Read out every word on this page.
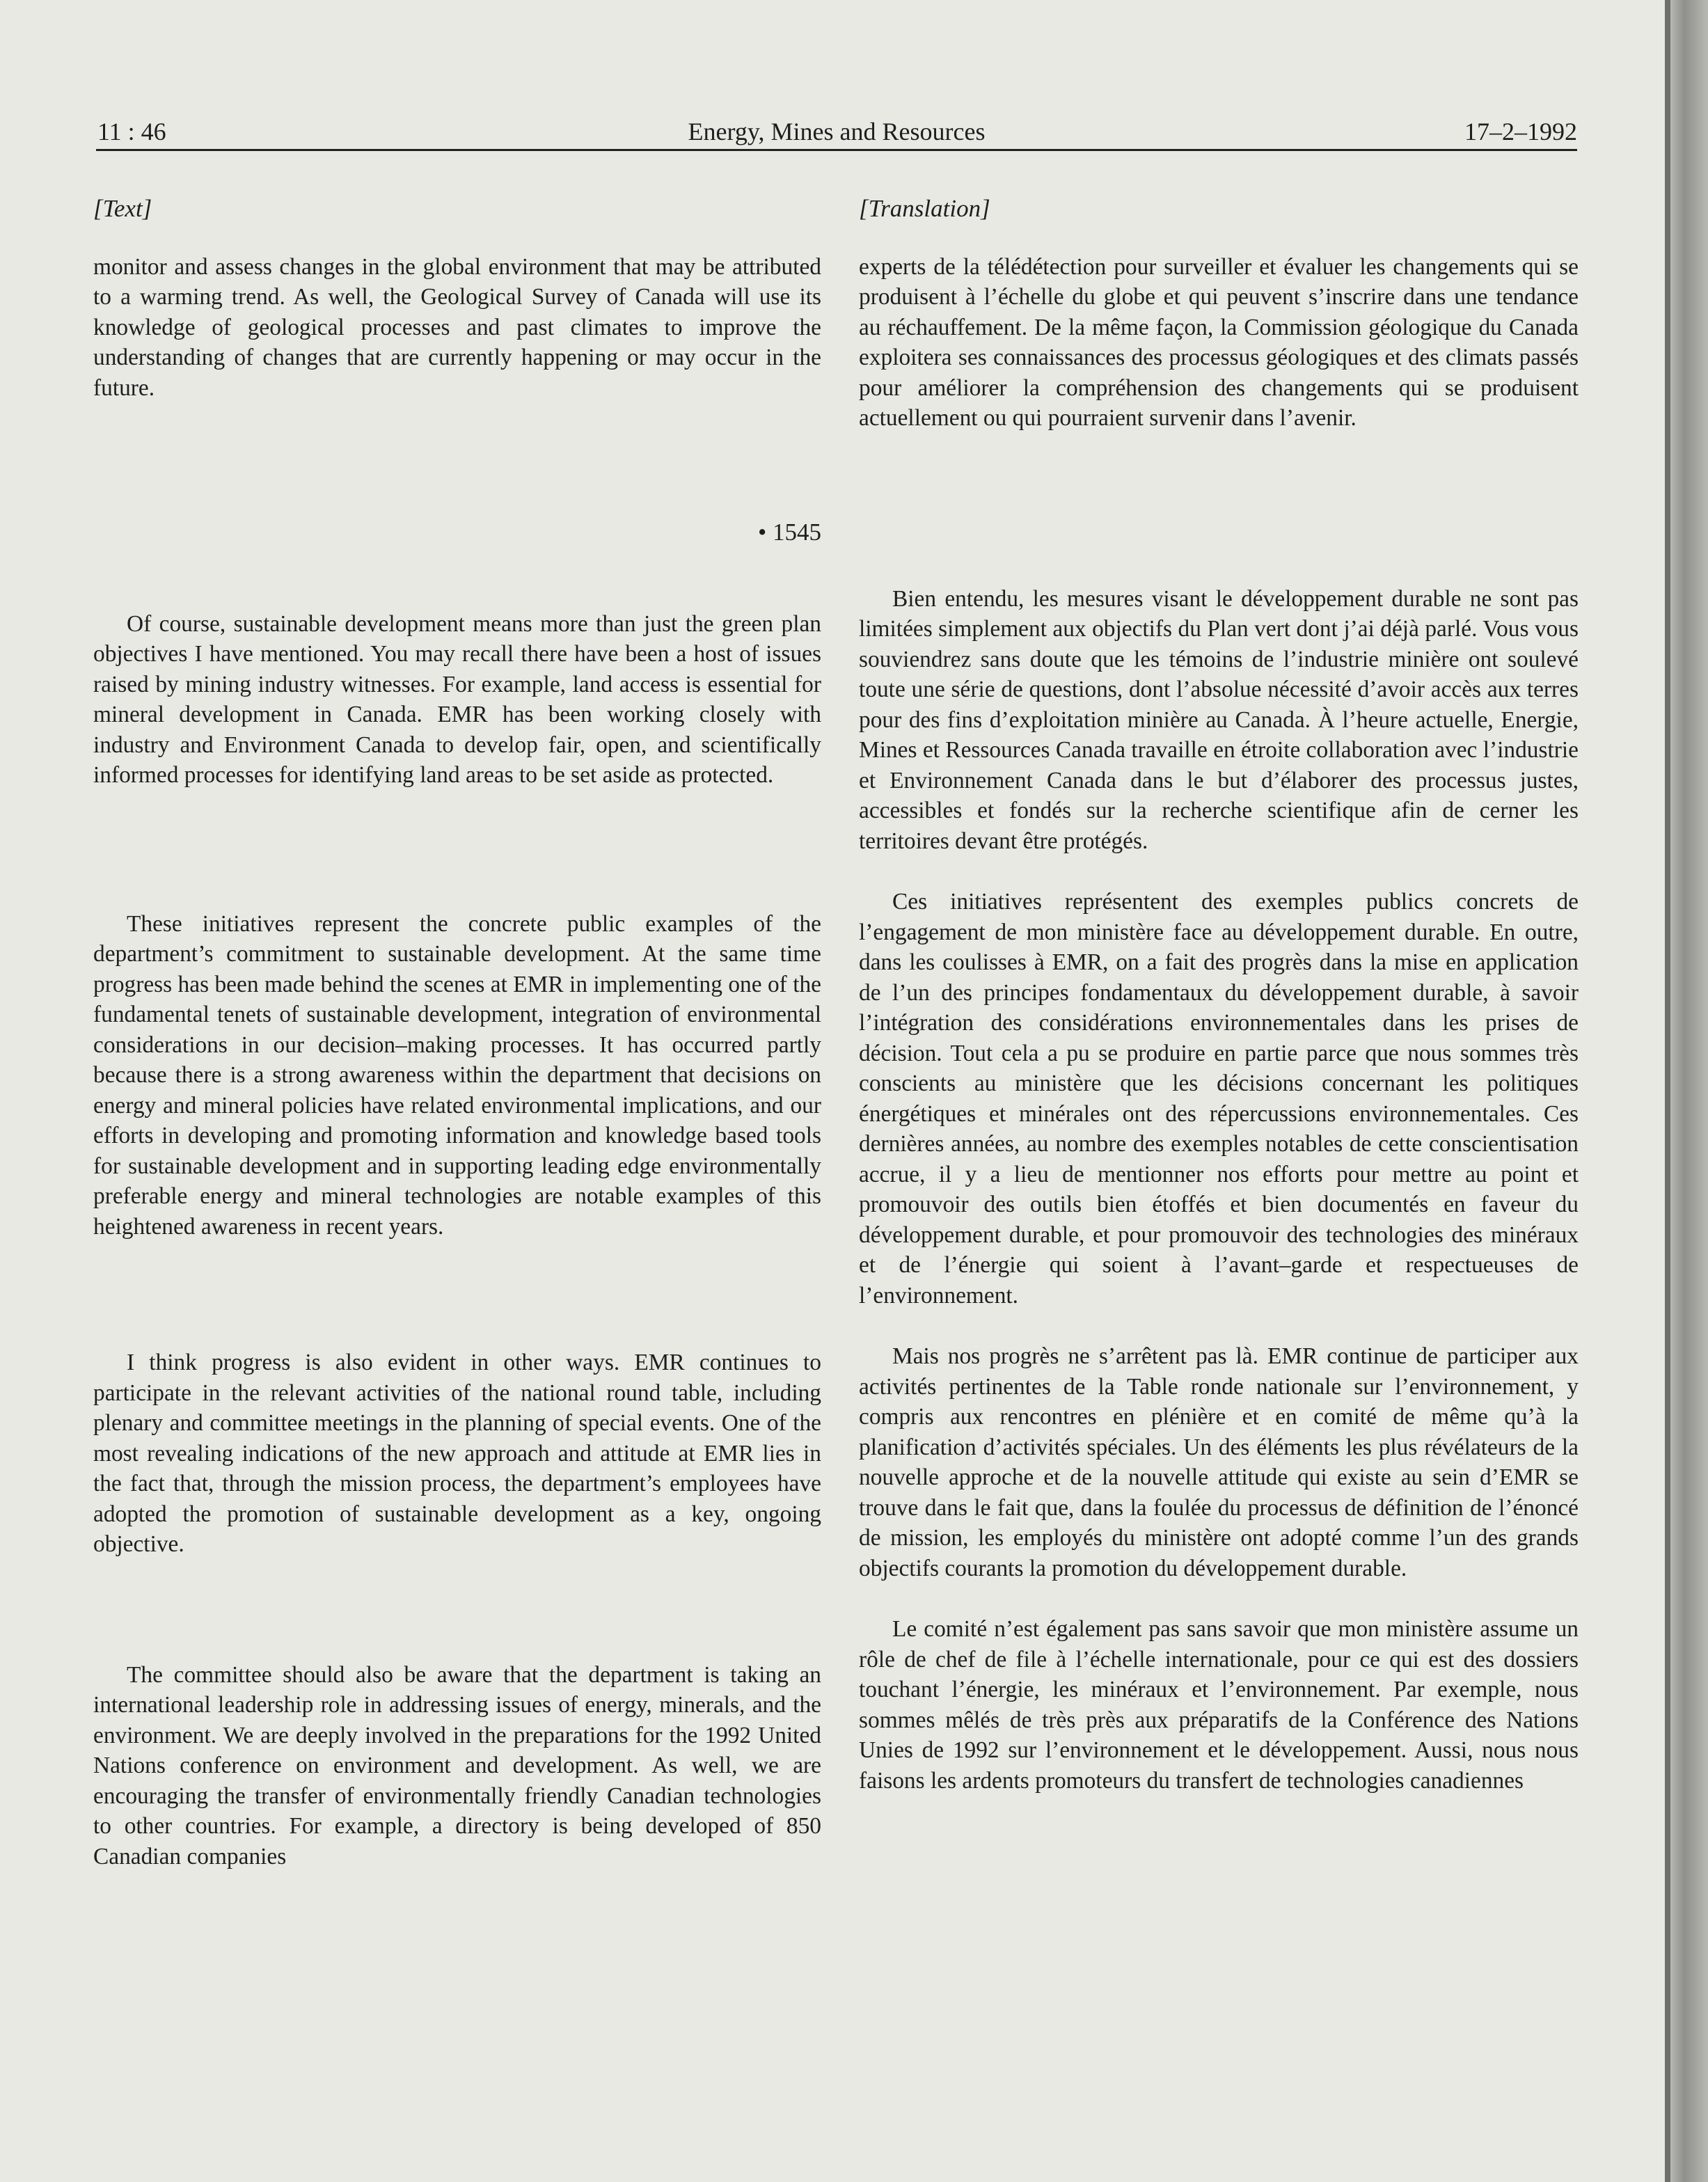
11 : 46	Energy, Mines and Resources	17–2–1992
[Text]

monitor and assess changes in the global environment that may be attributed to a warming trend. As well, the Geological Survey of Canada will use its knowledge of geological processes and past climates to improve the understanding of changes that are currently happening or may occur in the future.

• 1545

Of course, sustainable development means more than just the green plan objectives I have mentioned. You may recall there have been a host of issues raised by mining industry witnesses. For example, land access is essential for mineral development in Canada. EMR has been working closely with industry and Environment Canada to develop fair, open, and scientifically informed processes for identifying land areas to be set aside as protected.

These initiatives represent the concrete public examples of the department’s commitment to sustainable development. At the same time progress has been made behind the scenes at EMR in implementing one of the fundamental tenets of sustainable development, integration of environmental considerations in our decision–making processes. It has occurred partly because there is a strong awareness within the department that decisions on energy and mineral policies have related environmental implications, and our efforts in developing and promoting information and knowledge based tools for sustainable development and in supporting leading edge environmentally preferable energy and mineral technologies are notable examples of this heightened awareness in recent years.

I think progress is also evident in other ways. EMR continues to participate in the relevant activities of the national round table, including plenary and committee meetings in the planning of special events. One of the most revealing indications of the new approach and attitude at EMR lies in the fact that, through the mission process, the department’s employees have adopted the promotion of sustainable development as a key, ongoing objective.

The committee should also be aware that the department is taking an international leadership role in addressing issues of energy, minerals, and the environment. We are deeply involved in the preparations for the 1992 United Nations conference on environment and development. As well, we are encouraging the transfer of environmentally friendly Canadian technologies to other countries. For example, a directory is being developed of 850 Canadian companies

[Translation]

experts de la télédétection pour surveiller et évaluer les changements qui se produisent à l’échelle du globe et qui peuvent s’inscrire dans une tendance au réchauffement. De la même façon, la Commission géologique du Canada exploitera ses connaissances des processus géologiques et des climats passés pour améliorer la compréhension des changements qui se produisent actuellement ou qui pourraient survenir dans l’avenir.

Bien entendu, les mesures visant le développement durable ne sont pas limitées simplement aux objectifs du Plan vert dont j’ai déjà parlé. Vous vous souviendrez sans doute que les témoins de l’industrie minière ont soulevé toute une série de questions, dont l’absolue nécessité d’avoir accès aux terres pour des fins d’exploitation minière au Canada. À l’heure actuelle, Energie, Mines et Ressources Canada travaille en étroite collaboration avec l’industrie et Environnement Canada dans le but d’élaborer des processus justes, accessibles et fondés sur la recherche scientifique afin de cerner les territoires devant être protégés.

Ces initiatives représentent des exemples publics concrets de l’engagement de mon ministère face au développement durable. En outre, dans les coulisses à EMR, on a fait des progrès dans la mise en application de l’un des principes fondamentaux du développement durable, à savoir l’intégration des considérations environnementales dans les prises de décision. Tout cela a pu se produire en partie parce que nous sommes très conscients au ministère que les décisions concernant les politiques énergétiques et minérales ont des répercussions environnementales. Ces dernières années, au nombre des exemples notables de cette conscientisation accrue, il y a lieu de mentionner nos efforts pour mettre au point et promouvoir des outils bien étoffés et bien documentés en faveur du développement durable, et pour promouvoir des technologies des minéraux et de l’énergie qui soient à l’avant–garde et respectueuses de l’environnement.

Mais nos progrès ne s’arrêtent pas là. EMR continue de participer aux activités pertinentes de la Table ronde nationale sur l’environnement, y compris aux rencontres en plénière et en comité de même qu’à la planification d’activités spéciales. Un des éléments les plus révélateurs de la nouvelle approche et de la nouvelle attitude qui existe au sein d’EMR se trouve dans le fait que, dans la foulée du processus de définition de l’énoncé de mission, les employés du ministère ont adopté comme l’un des grands objectifs courants la promotion du développement durable.

Le comité n’est également pas sans savoir que mon ministère assume un rôle de chef de file à l’échelle internationale, pour ce qui est des dossiers touchant l’énergie, les minéraux et l’environnement. Par exemple, nous sommes mêlés de très près aux préparatifs de la Conférence des Nations Unies de 1992 sur l’environnement et le développement. Aussi, nous nous faisons les ardents promoteurs du transfert de technologies canadiennes
